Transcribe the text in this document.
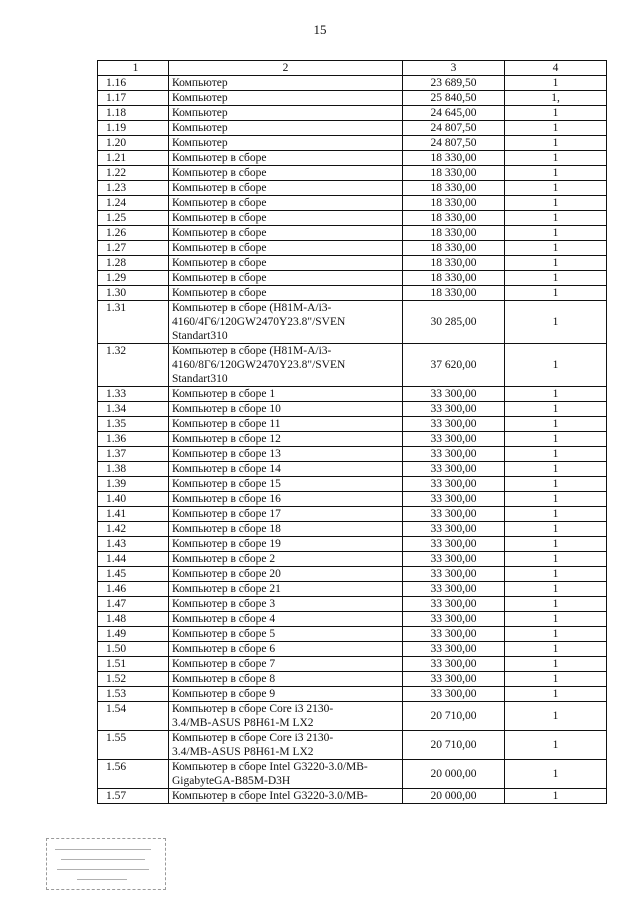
15
1	2	3	4
1.16	Компьютер	23 689,50	1
1.17	Компьютер	25 840,50	1,
1.18	Компьютер	24 645,00	1
1.19	Компьютер	24 807,50	1
1.20	Компьютер	24 807,50	1
1.21	Компьютер в сборе	18 330,00	1
1.22	Компьютер в сборе	18 330,00	1
1.23	Компьютер в сборе	18 330,00	1
1.24	Компьютер в сборе	18 330,00	1
1.25	Компьютер в сборе	18 330,00	1
1.26	Компьютер в сборе	18 330,00	1
1.27	Компьютер в сборе	18 330,00	1
1.28	Компьютер в сборе	18 330,00	1
1.29	Компьютер в сборе	18 330,00	1
1.30	Компьютер в сборе	18 330,00	1
1.31	Компьютер в сборе (H81M-A/i3-
4160/4Г6/120GW2470Y23.8"/SVEN
Standart310	30 285,00	1
1.32	Компьютер в сборе (H81M-A/i3-
4160/8Г6/120GW2470Y23.8"/SVEN
Standart310	37 620,00	1
1.33	Компьютер в сборе 1	33 300,00	1
1.34	Компьютер в сборе 10	33 300,00	1
1.35	Компьютер в сборе 11	33 300,00	1
1.36	Компьютер в сборе 12	33 300,00	1
1.37	Компьютер в сборе 13	33 300,00	1
1.38	Компьютер в сборе 14	33 300,00	1
1.39	Компьютер в сборе 15	33 300,00	1
1.40	Компьютер в сборе 16	33 300,00	1
1.41	Компьютер в сборе 17	33 300,00	1
1.42	Компьютер в сборе 18	33 300,00	1
1.43	Компьютер в сборе 19	33 300,00	1
1.44	Компьютер в сборе 2	33 300,00	1
1.45	Компьютер в сборе 20	33 300,00	1
1.46	Компьютер в сборе 21	33 300,00	1
1.47	Компьютер в сборе 3	33 300,00	1
1.48	Компьютер в сборе 4	33 300,00	1
1.49	Компьютер в сборе 5	33 300,00	1
1.50	Компьютер в сборе 6	33 300,00	1
1.51	Компьютер в сборе 7	33 300,00	1
1.52	Компьютер в сборе 8	33 300,00	1
1.53	Компьютер в сборе 9	33 300,00	1
1.54	Компьютер в сборе Core i3 2130-
3.4/MB-ASUS P8H61-M LX2	20 710,00	1
1.55	Компьютер в сборе Core i3 2130-
3.4/MB-ASUS P8H61-M LX2	20 710,00	1
1.56	Компьютер в сборе Intel G3220-3.0/MB-
GigabyteGA-B85M-D3H	20 000,00	1
1.57	Компьютер в сборе Intel G3220-3.0/MB-	20 000,00	1
